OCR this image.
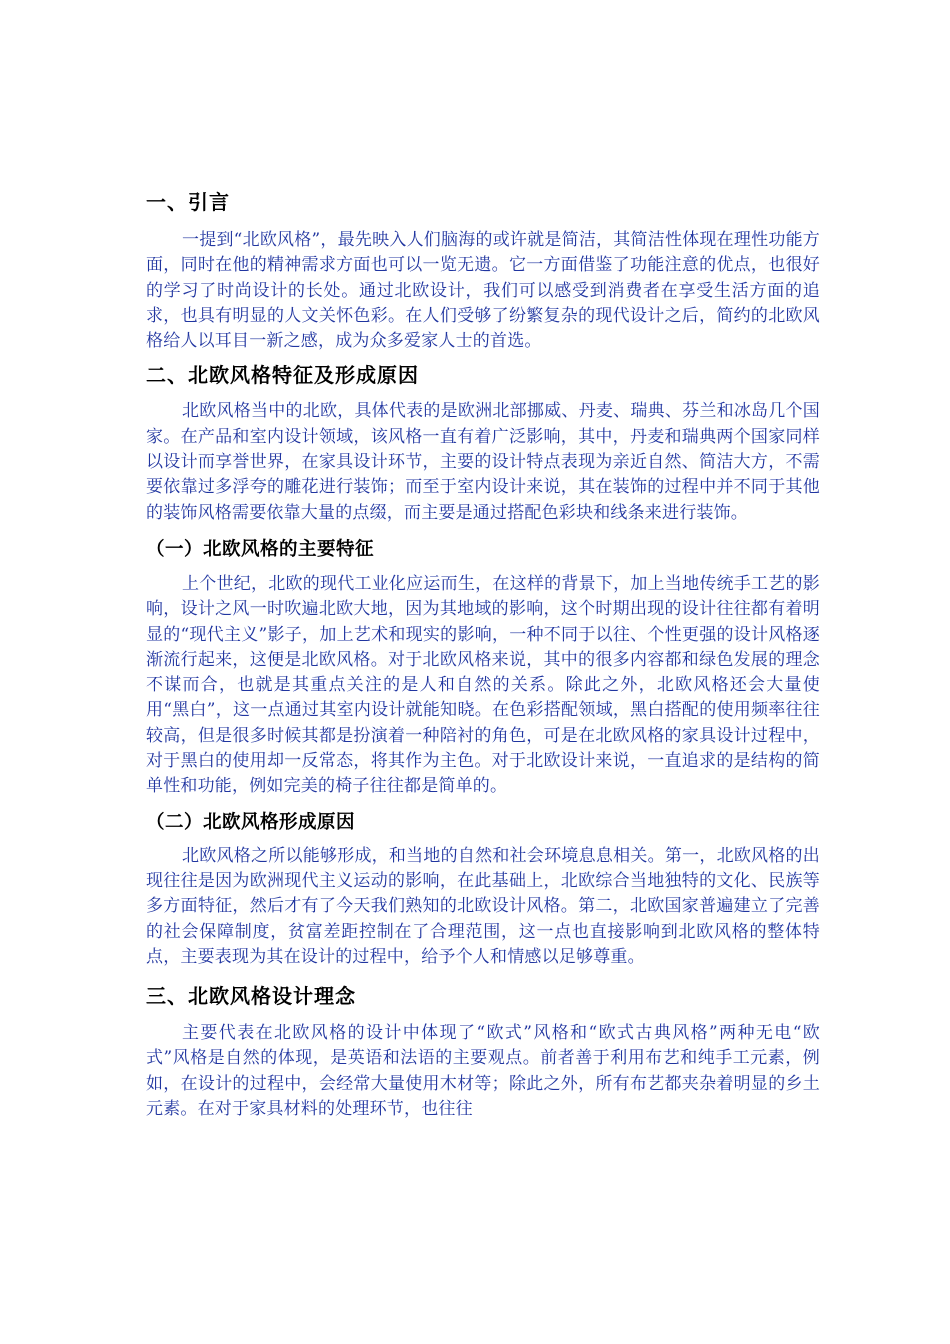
一、引言

一提到“北欧风格”，最先映入人们脑海的或许就是简洁，其简洁性体现在理性功能方面，同时在他的精神需求方面也可以一览无遗。它一方面借鉴了功能注意的优点，也很好的学习了时尚设计的长处。通过北欧设计，我们可以感受到消费者在享受生活方面的追求，也具有明显的人文关怀色彩。在人们受够了纷繁复杂的现代设计之后，简约的北欧风格给人以耳目一新之感，成为众多爱家人士的首选。

二、北欧风格特征及形成原因

北欧风格当中的北欧，具体代表的是欧洲北部挪威、丹麦、瑞典、芬兰和冰岛几个国家。在产品和室内设计领域，该风格一直有着广泛影响，其中，丹麦和瑞典两个国家同样以设计而享誉世界，在家具设计环节，主要的设计特点表现为亲近自然、简洁大方，不需要依靠过多浮夸的雕花进行装饰；而至于室内设计来说，其在装饰的过程中并不同于其他的装饰风格需要依靠大量的点缀，而主要是通过搭配色彩块和线条来进行装饰。

（一）北欧风格的主要特征

上个世纪，北欧的现代工业化应运而生，在这样的背景下，加上当地传统手工艺的影响，设计之风一时吹遍北欧大地，因为其地域的影响，这个时期出现的设计往往都有着明显的“现代主义”影子，加上艺术和现实的影响，一种不同于以往、个性更强的设计风格逐渐流行起来，这便是北欧风格。对于北欧风格来说，其中的很多内容都和绿色发展的理念不谋而合，也就是其重点关注的是人和自然的关系。除此之外，北欧风格还会大量使用“黑白”，这一点通过其室内设计就能知晓。在色彩搭配领域，黑白搭配的使用频率往往较高，但是很多时候其都是扮演着一种陪衬的角色，可是在北欧风格的家具设计过程中，对于黑白的使用却一反常态，将其作为主色。对于北欧设计来说，一直追求的是结构的简单性和功能，例如完美的椅子往往都是简单的。

（二）北欧风格形成原因

北欧风格之所以能够形成，和当地的自然和社会环境息息相关。第一，北欧风格的出现往往是因为欧洲现代主义运动的影响，在此基础上，北欧综合当地独特的文化、民族等多方面特征，然后才有了今天我们熟知的北欧设计风格。第二，北欧国家普遍建立了完善的社会保障制度，贫富差距控制在了合理范围，这一点也直接影响到北欧风格的整体特点，主要表现为其在设计的过程中，给予个人和情感以足够尊重。

三、北欧风格设计理念

主要代表在北欧风格的设计中体现了“欧式”风格和“欧式古典风格”两种无电“欧式”风格是自然的体现，是英语和法语的主要观点。前者善于利用布艺和纯手工元素，例如，在设计的过程中，会经常大量使用木材等；除此之外，所有布艺都夹杂着明显的乡土元素。在对于家具材料的处理环节，也往往
